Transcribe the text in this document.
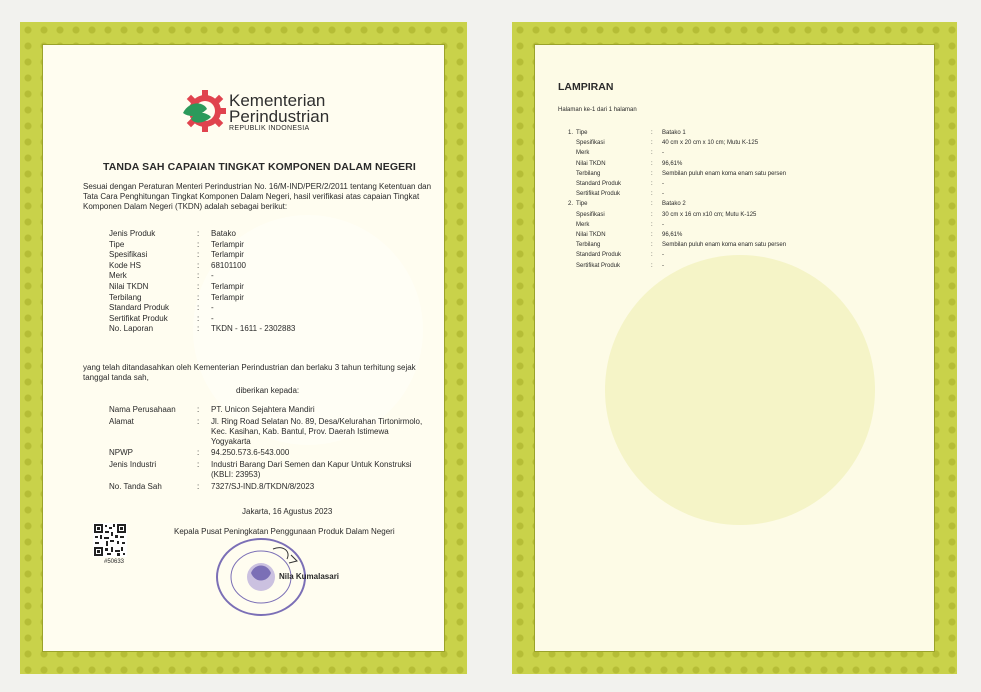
Kementerian
Perindustrian
REPUBLIK INDONESIA
TANDA SAH CAPAIAN TINGKAT KOMPONEN DALAM NEGERI
Sesuai dengan Peraturan Menteri Perindustrian No. 16/M-IND/PER/2/2011 tentang Ketentuan dan Tata Cara Penghitungan Tingkat Komponen Dalam Negeri, hasil verifikasi atas capaian Tingkat Komponen Dalam Negeri (TKDN) adalah sebagai berikut:
yang telah ditandasahkan oleh Kementerian Perindustrian dan berlaku 3 tahun terhitung sejak tanggal tanda sah,
diberikan kepada:
Jakarta, 16 Agustus 2023
#50633
Kepala Pusat Peningkatan Penggunaan Produk Dalam Negeri
Nila Kumalasari
Jenis Produk	: Batako
Tipe	: Terlampir
Spesifikasi	: Terlampir
Kode HS	: 68101100
Merk	: -
Nilai TKDN	: Terlampir
Terbilang	: Terlampir
Standard Produk	: -
Sertifikat Produk	: -
No. Laporan	: TKDN - 1611 - 2302883
Nama Perusahaan	: PT. Unicon Sejahtera Mandiri
Alamat	: Jl. Ring Road Selatan No. 89, Desa/Kelurahan Tirtonirmolo,
Kec. Kasihan, Kab. Bantul, Prov. Daerah Istimewa
Yogyakarta
NPWP	: 94.250.573.6-543.000
Jenis Industri	: Industri Barang Dari Semen dan Kapur Untuk Konstruksi
(KBLI: 23953)
No. Tanda Sah	: 7327/SJ-IND.8/TKDN/8/2023
LAMPIRAN
Halaman ke-1 dari 1 halaman
1. Tipe	: Batako 1
Spesifikasi	: 40 cm x 20 cm x 10 cm; Mutu K-125
Merk	: -
Nilai TKDN	: 96,61%
Terbilang	: Sembilan puluh enam koma enam satu persen
Standard Produk	: -
Sertifikat Produk	: -
2. Tipe	: Batako 2
Spesifikasi	: 30 cm x 16 cm x10 cm; Mutu K-125
Merk	: -
Nilai TKDN	: 96,61%
Terbilang	: Sembilan puluh enam koma enam satu persen
Standard Produk	: -
Sertifikat Produk	: -
